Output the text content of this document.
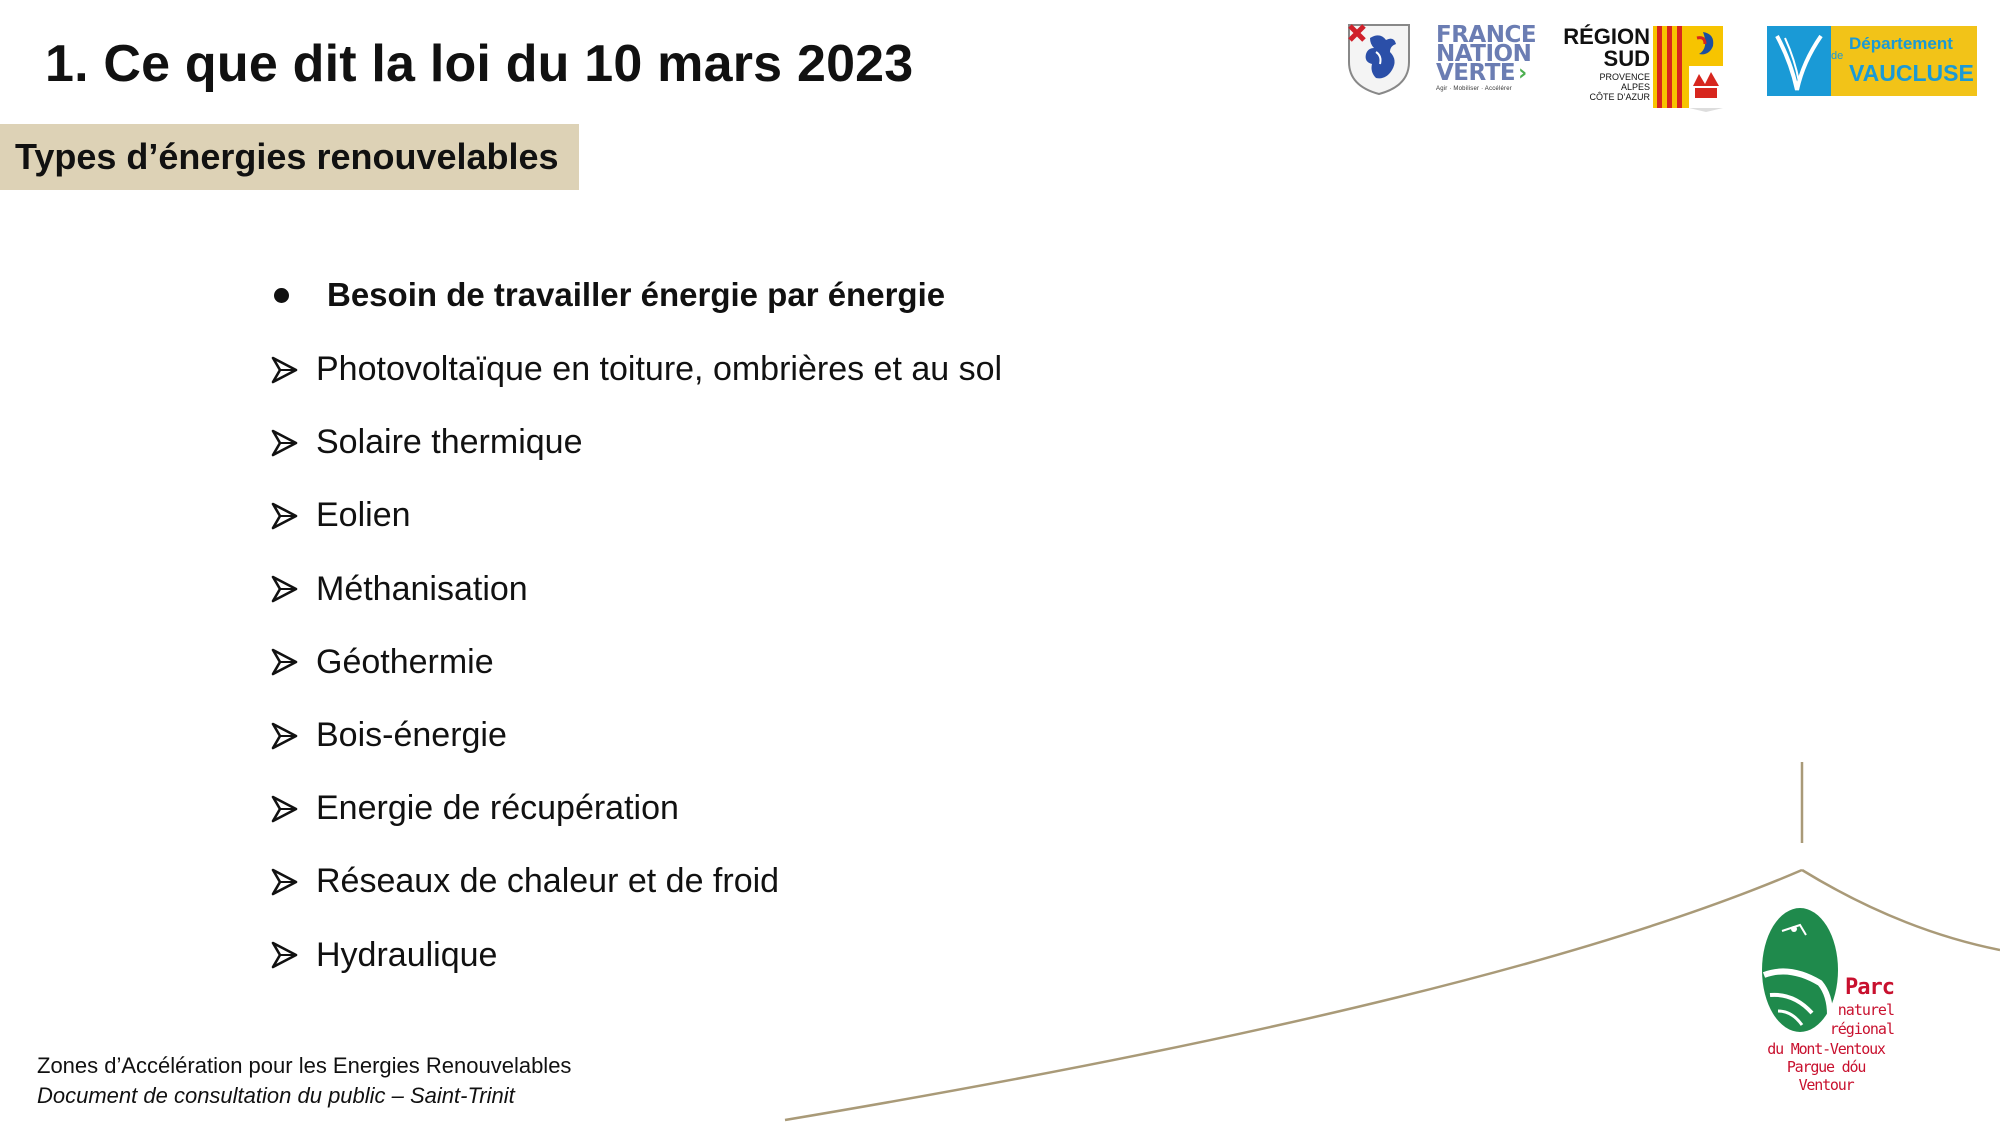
1. Ce que dit la loi du 10 mars 2023
Types d’énergies renouvelables
Besoin de travailler énergie par énergie
Photovoltaïque en toiture, ombrières et au sol
Solaire thermique
Eolien
Méthanisation
Géothermie
Bois-énergie
Energie de récupération
Réseaux de chaleur et de froid
Hydraulique
FRANCE
NATION
VERTE ›
Agir · Mobiliser · Accélérer
RÉGION
SUD
PROVENCE
ALPES
CÔTE D’AZUR
de
Département
VAUCLUSE
Parc
naturel
régional
du Mont-Ventoux
Pargue dóu Ventour
Zones d’Accélération pour les Energies Renouvelables
Document de consultation du public – Saint-Trinit
